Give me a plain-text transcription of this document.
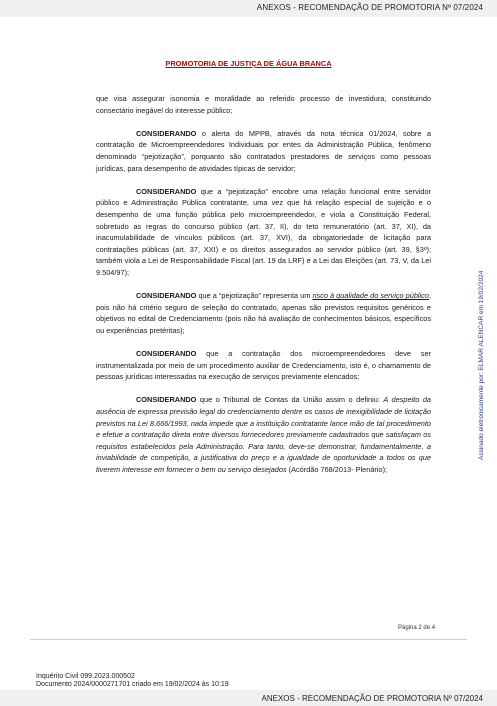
ANEXOS - RECOMENDAÇÃO DE PROMOTORIA Nº 07/2024
PROMOTORIA DE JUSTIÇA DE ÁGUA BRANCA

que visa assegurar isonomia e moralidade ao referido processo de investidura, constituindo consectário inegável do interesse público;

CONSIDERANDO o alerta do MPPB, através da nota técnica 01/2024, sobre a contratação de Microempreendedores Individuais por entes da Administração Pública, fenômeno denominado “pejotização”, porquanto são contratados prestadores de serviços como pessoas jurídicas, para desempenho de atividades típicas de servidor;

CONSIDERANDO que a “pejotização” encobre uma relação funcional entre servidor público e Administração Pública contratante, uma vez que há relação especial de sujeição e o desempenho de uma função pública pelo microempreendedor, e viola a Constituição Federal, sobretudo as regras do concurso público (art. 37, II), do teto remuneratório (art. 37, XI), da inacumulabilidade de vínculos públicos (art. 37, XVI), da obrigatoriedade de licitação para contratações públicas (art. 37, XXI) e os direitos assegurados ao servidor público (art. 39, §3º); também viola a Lei de Responsabilidade Fiscal (art. 19 da LRF) e a Lei das Eleições (art. 73, V, da Lei 9.504/97);

CONSIDERANDO que a “pejotização” representa um risco à qualidade do serviço público, pois não há critério seguro de seleção do contratado, apenas são previstos requisitos genéricos e objetivos no edital de Credenciamento (pois não há avaliação de conhecimentos básicos, específicos ou experiências pretéritas);

CONSIDERANDO que a contratação dos microempreendedores deve ser instrumentalizada por meio de um procedimento auxiliar de Credenciamento, isto é, o chamamento de pessoas jurídicas interessadas na execução de serviços previamente elencados;

CONSIDERANDO que o Tribunal de Contas da União assim o definiu: A despeito da ausência de expressa previsão legal do credenciamento dentre os casos de inexigibilidade de licitação previstos na Lei 8.666/1993, nada impede que a instituição contratante lance mão de tal procedimento e efetue a contratação direta entre diversos fornecedores previamente cadastrados que satisfaçam os requisitos estabelecidos pela Administração. Para tanto, deve-se demonstrar, fundamentalmente, a inviabilidade de competição, a justificativa do preço e a igualdade de oportunidade a todos os que tiverem interesse em fornecer o bem ou serviço desejados (Acórdão 768/2013- Plenário);

Página 2 de 4
Assinado eletronicamente por: ELMAR ALENCAR em 19/02/2024
Inquérito Civil 099.2023.000502
Documento 2024/0000271701 criado em 19/02/2024 às 10:19
ANEXOS - RECOMENDAÇÃO DE PROMOTORIA Nº 07/2024
